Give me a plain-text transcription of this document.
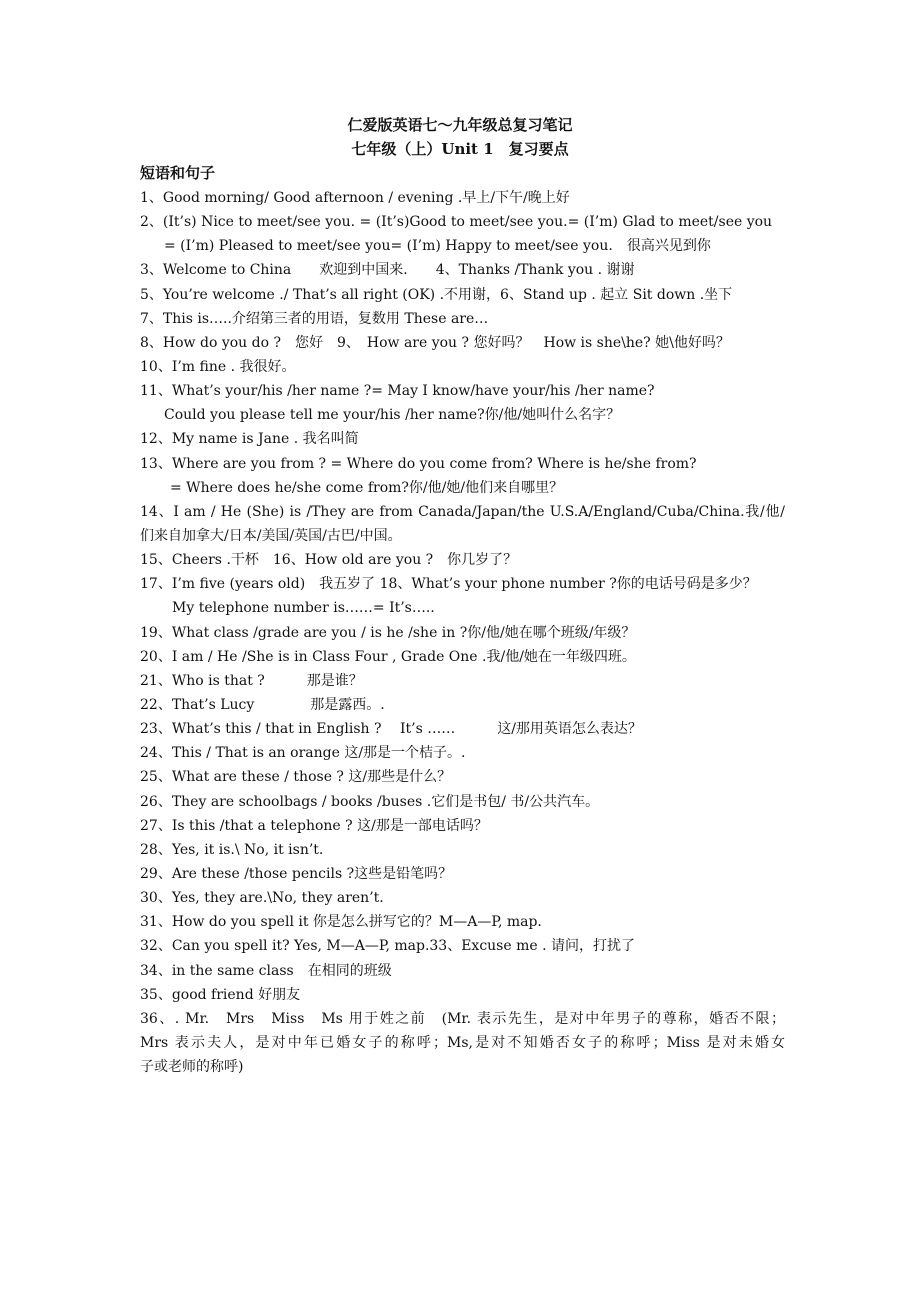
仁爱版英语七～九年级总复习笔记
七年级（上）Unit 1　复习要点
短语和句子
1、Good morning/ Good afternoon / evening .早上/下午/晚上好
2、(It’s) Nice to meet/see you. = (It’s)Good to meet/see you.= (I’m) Glad to meet/see you
= (I’m) Pleased to meet/see you= (I’m) Happy to meet/see you.　很高兴见到你
3、Welcome to China　　欢迎到中国来.　　4、Thanks /Thank you . 谢谢
5、You’re welcome ./ That’s all right (OK) .不用谢，6、Stand up . 起立 Sit down .坐下
7、This is…..介绍第三者的用语，复数用 These are…
8、How do you do ?　您好　9、　How are you ? 您好吗？　How is she\he? 她\他好吗？
10、I’m fine . 我很好。
11、What’s your/his /her name ?= May I know/have your/his /her name?
Could you please tell me your/his /her name?你/他/她叫什么名字？
12、My name is Jane . 我名叫简
13、Where are you from ? = Where do you come from? Where is he/she from?
= Where does he/she come from?你/他/她/他们来自哪里？
14、I am / He (She) is /They are from Canada/Japan/the U.S.A/England/Cuba/China.我/他/
们来自加拿大/日本/美国/英国/古巴/中国。
15、Cheers .干杯　16、How old are you ?　你几岁了？
17、I’m five (years old)　我五岁了 18、What’s your phone number ?你的电话号码是多少？
My telephone number is……= It’s…..
19、What class /grade are you / is he /she in ?你/他/她在哪个班级/年级？
20、I am / He /She is in Class Four , Grade One .我/他/她在一年级四班。
21、Who is that ?　　　那是谁？
22、That’s Lucy　　　　那是露西。.
23、What’s this / that in English ?　 It’s ……　　　这/那用英语怎么表达？
24、This / That is an orange 这/那是一个桔子。.
25、What are these / those ? 这/那些是什么？
26、They are schoolbags / books /buses .它们是书包/ 书/公共汽车。
27、Is this /that a telephone ? 这/那是一部电话吗？
28、Yes, it is.\ No, it isn’t.
29、Are these /those pencils ?这些是铅笔吗？
30、Yes, they are.\No, they aren’t.
31、How do you spell it 你是怎么拼写它的？M—A—P, map.
32、Can you spell it? Yes, M—A—P, map.33、Excuse me . 请问，打扰了
34、in the same class　在相同的班级
35、good friend 好朋友
36、. Mr.　Mrs　Miss　Ms 用于姓之前　(Mr. 表示先生，是对中年男子的尊称，婚否不限；
Mrs 表示夫人，是对中年已婚女子的称呼；Ms,是对不知婚否女子的称呼；Miss 是对未婚女
子或老师的称呼)
